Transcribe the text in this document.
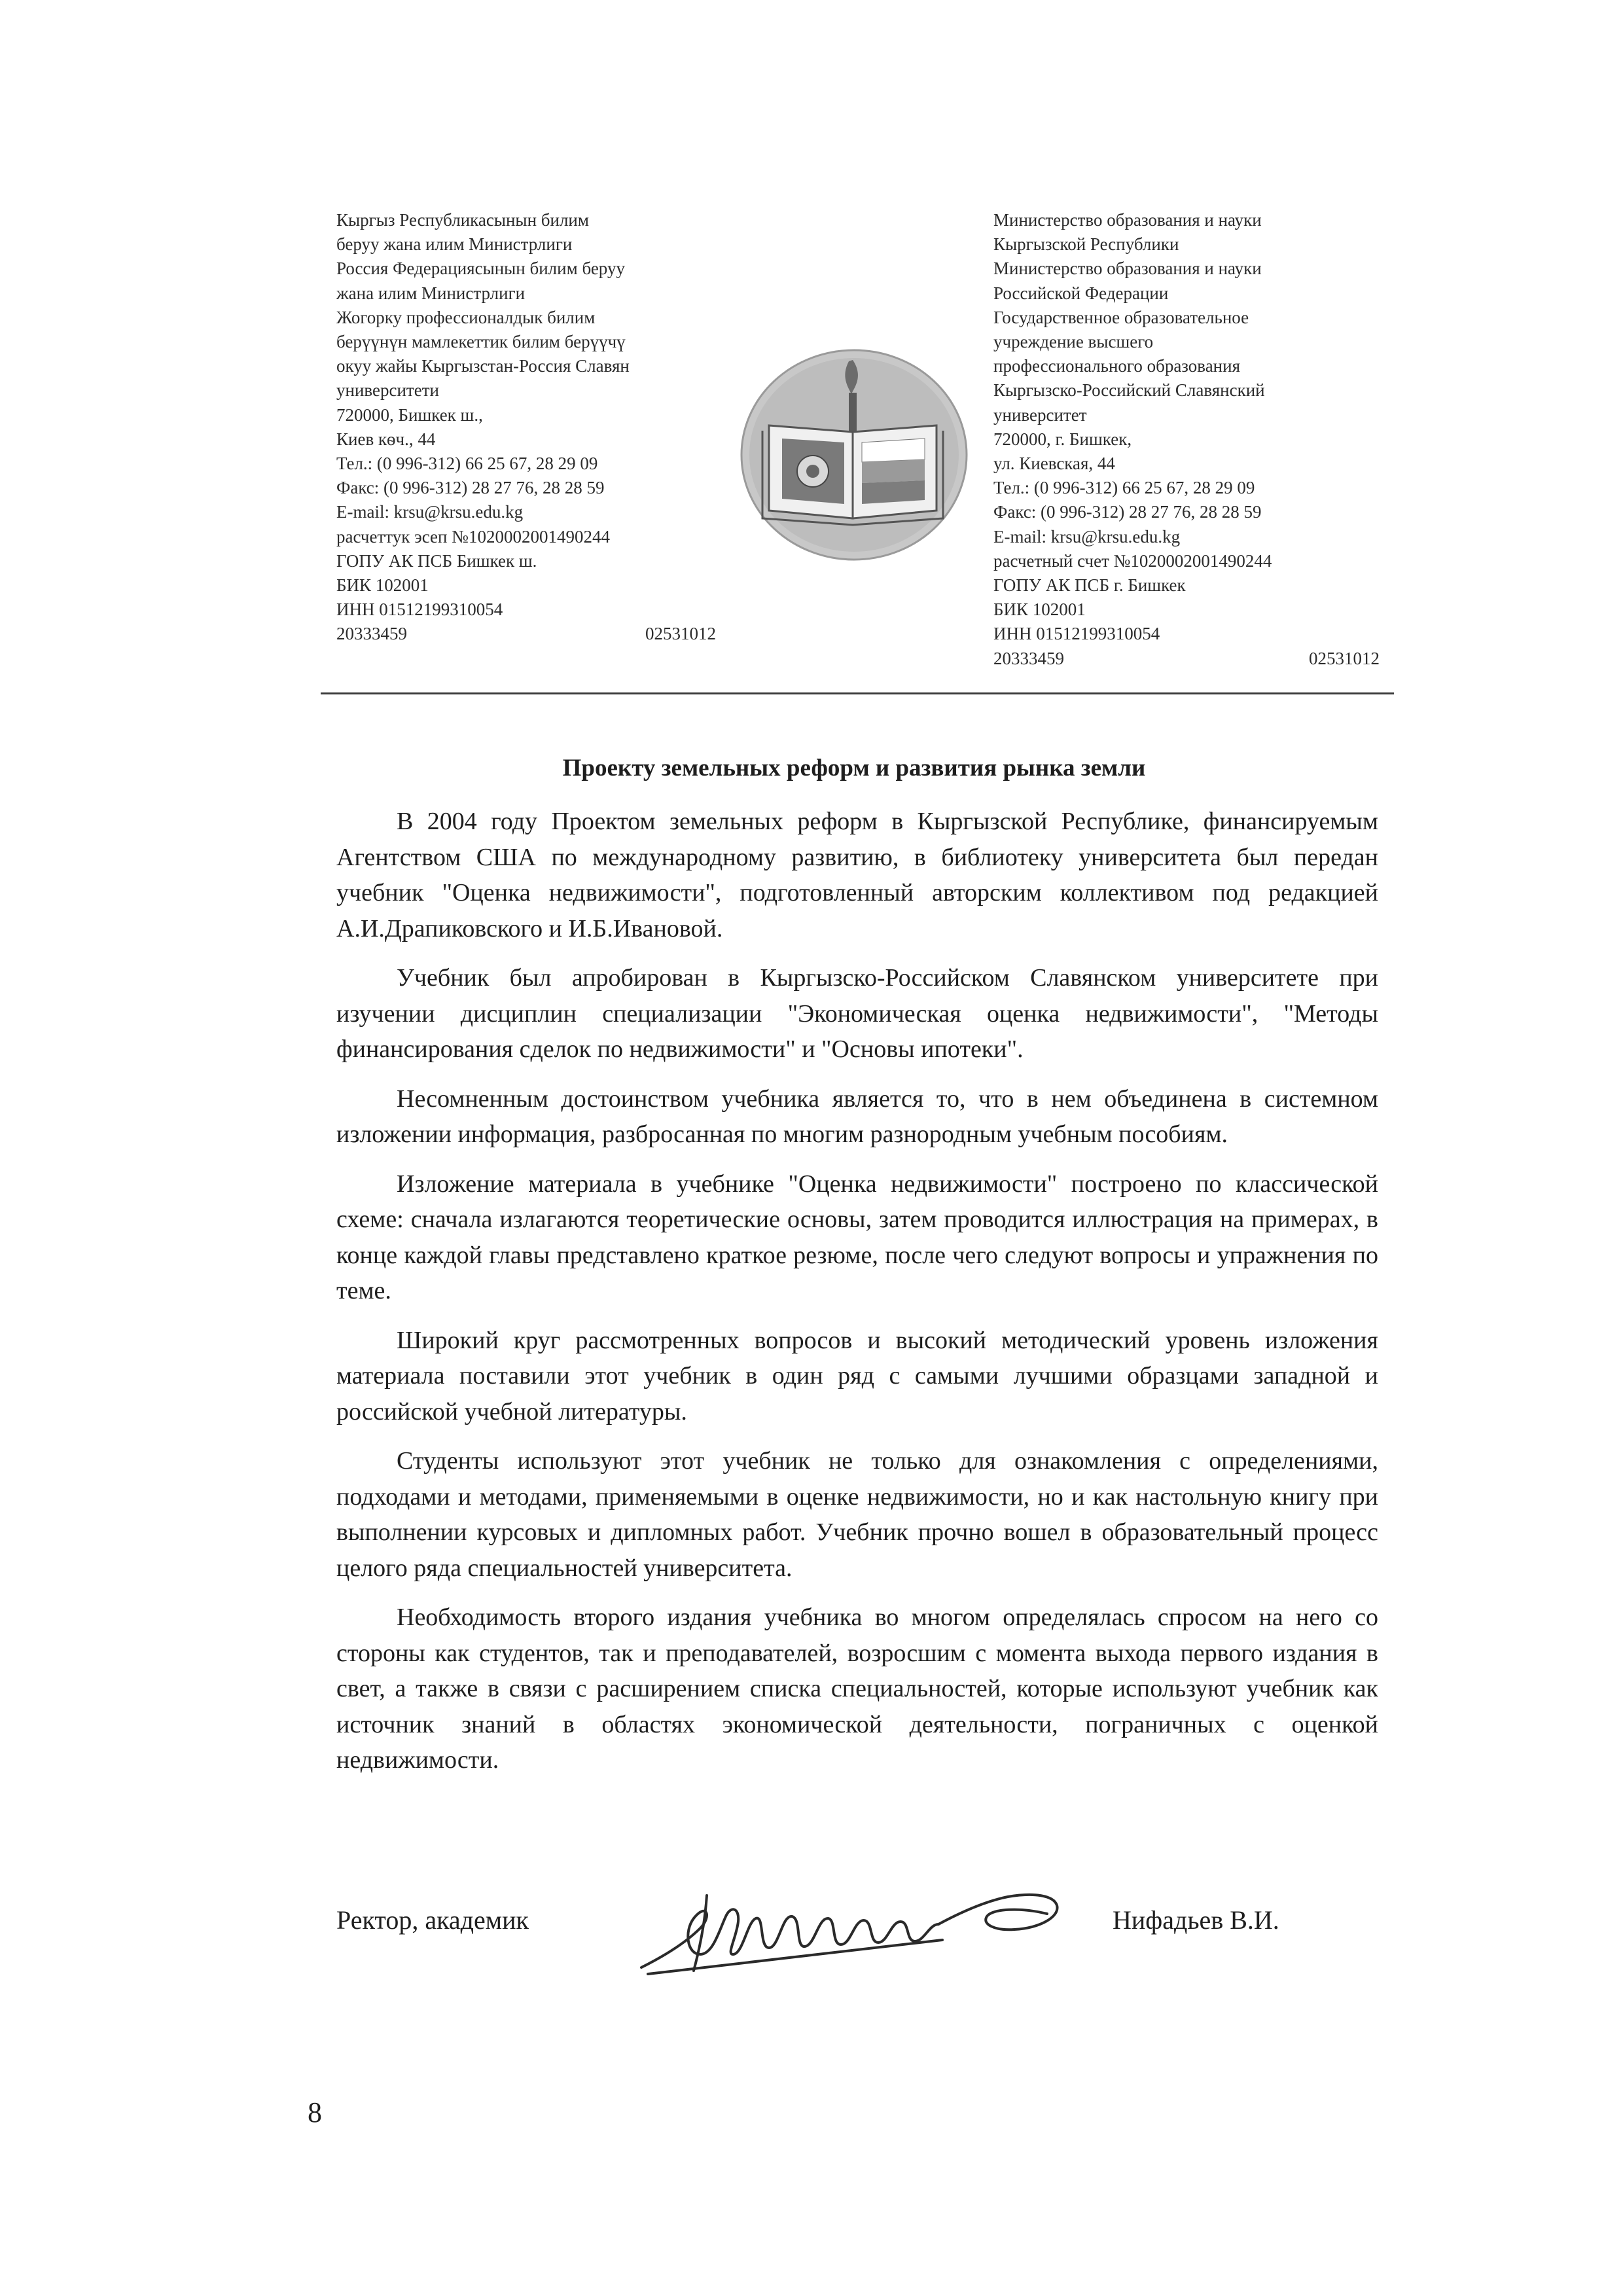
Кыргыз Республикасынын билим
беруу жана илим Министрлиги
Россия Федерациясынын билим беруу
жана илим Министрлиги
Жогорку профессионалдык билим
берүүнүн мамлекеттик билим берүүчү
окуу жайы Кыргызстан-Россия Славян
университети
720000, Бишкек ш.,
Киев кѳч., 44
Тел.: (0 996-312) 66 25 67, 28 29 09
Факс: (0 996-312) 28 27 76, 28 28 59
E-mail: krsu@krsu.edu.kg
расчеттук эсеп №1020002001490244
ГОПУ АК ПСБ Бишкек ш.
БИК 102001
ИНН 01512199310054
20333459	02531012
Министерство образования и науки
Кыргызской Республики
Министерство образования и науки
Российской Федерации
Государственное образовательное
учреждение высшего
профессионального образования
Кыргызско-Российский Славянский
университет
720000, г. Бишкек,
ул. Киевская, 44
Тел.: (0 996-312) 66 25 67, 28 29 09
Факс: (0 996-312) 28 27 76, 28 28 59
E-mail: krsu@krsu.edu.kg
расчетный счет №1020002001490244
ГОПУ АК ПСБ г. Бишкек
БИК 102001
ИНН 01512199310054
20333459	02531012
Проекту земельных реформ и развития рынка земли

В 2004 году Проектом земельных реформ в Кыргызской Республике, финансируемым Агентством США по международному развитию, в библиотеку университета был передан учебник "Оценка недвижимости", подготовленный авторским коллективом под редакцией А.И.Драпиковского и И.Б.Ивановой.

Учебник был апробирован в Кыргызско-Российском Славянском университете при изучении дисциплин специализации "Экономическая оценка недвижимости", "Методы финансирования сделок по недвижимости" и "Основы ипотеки".

Несомненным достоинством учебника является то, что в нем объединена в системном изложении информация, разбросанная по многим разнородным учебным пособиям.

Изложение материала в учебнике "Оценка недвижимости" построено по классической схеме: сначала излагаются теоретические основы, затем проводится иллюстрация на примерах, в конце каждой главы представлено краткое резюме, после чего следуют вопросы и упражнения по теме.

Широкий круг рассмотренных вопросов и высокий методический уровень изложения материала поставили этот учебник в один ряд с самыми лучшими образцами западной и российской учебной литературы.

Студенты используют этот учебник не только для ознакомления с определениями, подходами и методами, применяемыми в оценке недвижимости, но и как настольную книгу при выполнении курсовых и дипломных работ. Учебник прочно вошел в образовательный процесс целого ряда специальностей университета.

Необходимость второго издания учебника во многом определялась спросом на него со стороны как студентов, так и преподавателей, возросшим с момента выхода первого издания в свет, а также в связи с расширением списка специальностей, которые используют учебник как источник знаний в областях экономической деятельности, пограничных с оценкой недвижимости.

Ректор, академик	Нифадьев В.И.
8
